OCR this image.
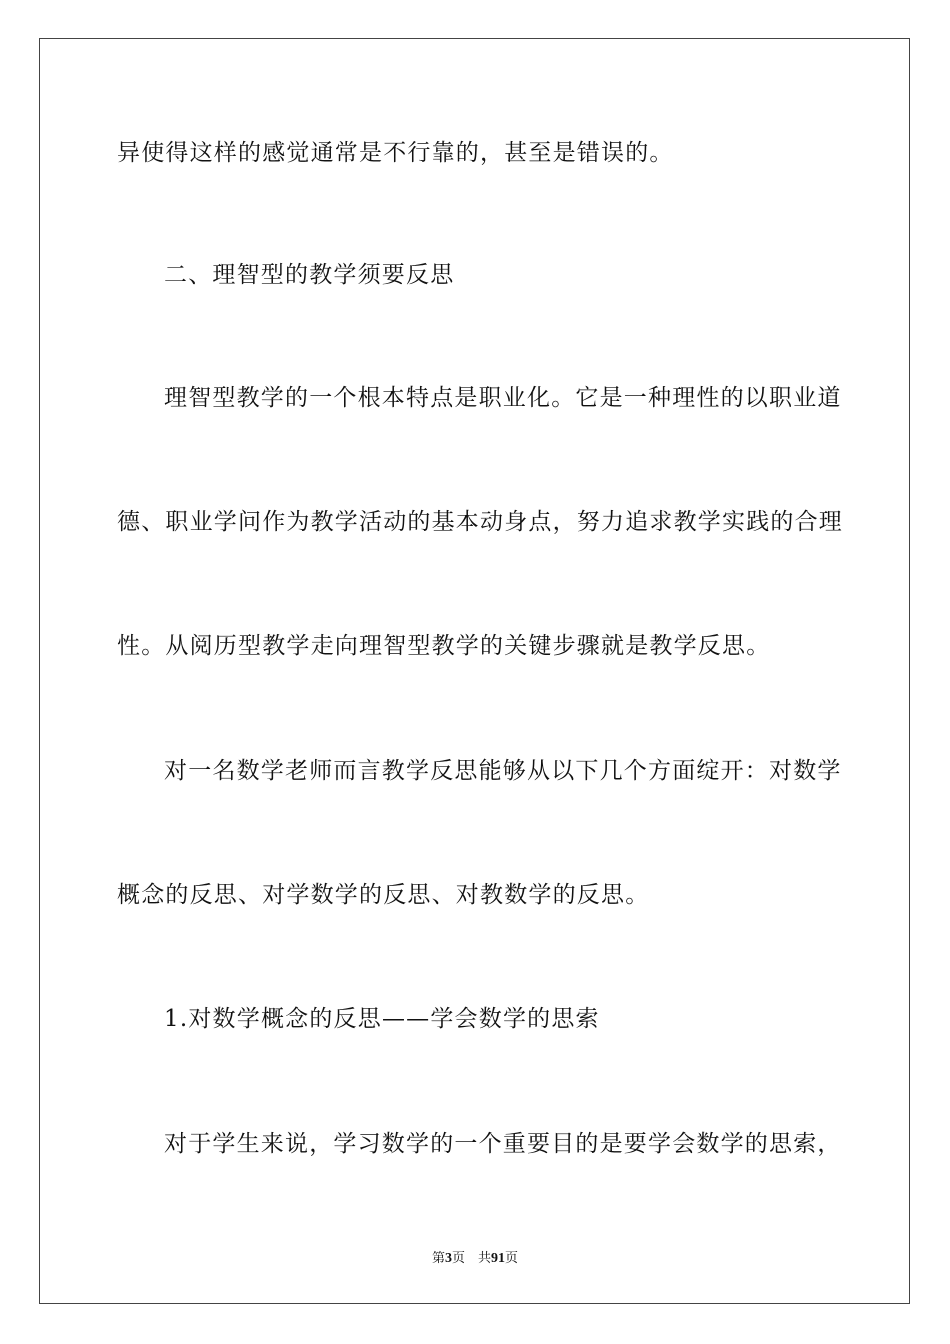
异使得这样的感觉通常是不行靠的，甚至是错误的。
二、理智型的教学须要反思
理智型教学的一个根本特点是职业化。它是一种理性的以职业道
德、职业学问作为教学活动的基本动身点，努力追求教学实践的合理
性。从阅历型教学走向理智型教学的关键步骤就是教学反思。
对一名数学老师而言教学反思能够从以下几个方面绽开：对数学
概念的反思、对学数学的反思、对教数学的反思。
1.对数学概念的反思——学会数学的思索
对于学生来说，学习数学的一个重要目的是要学会数学的思索，
第3页　共91页
